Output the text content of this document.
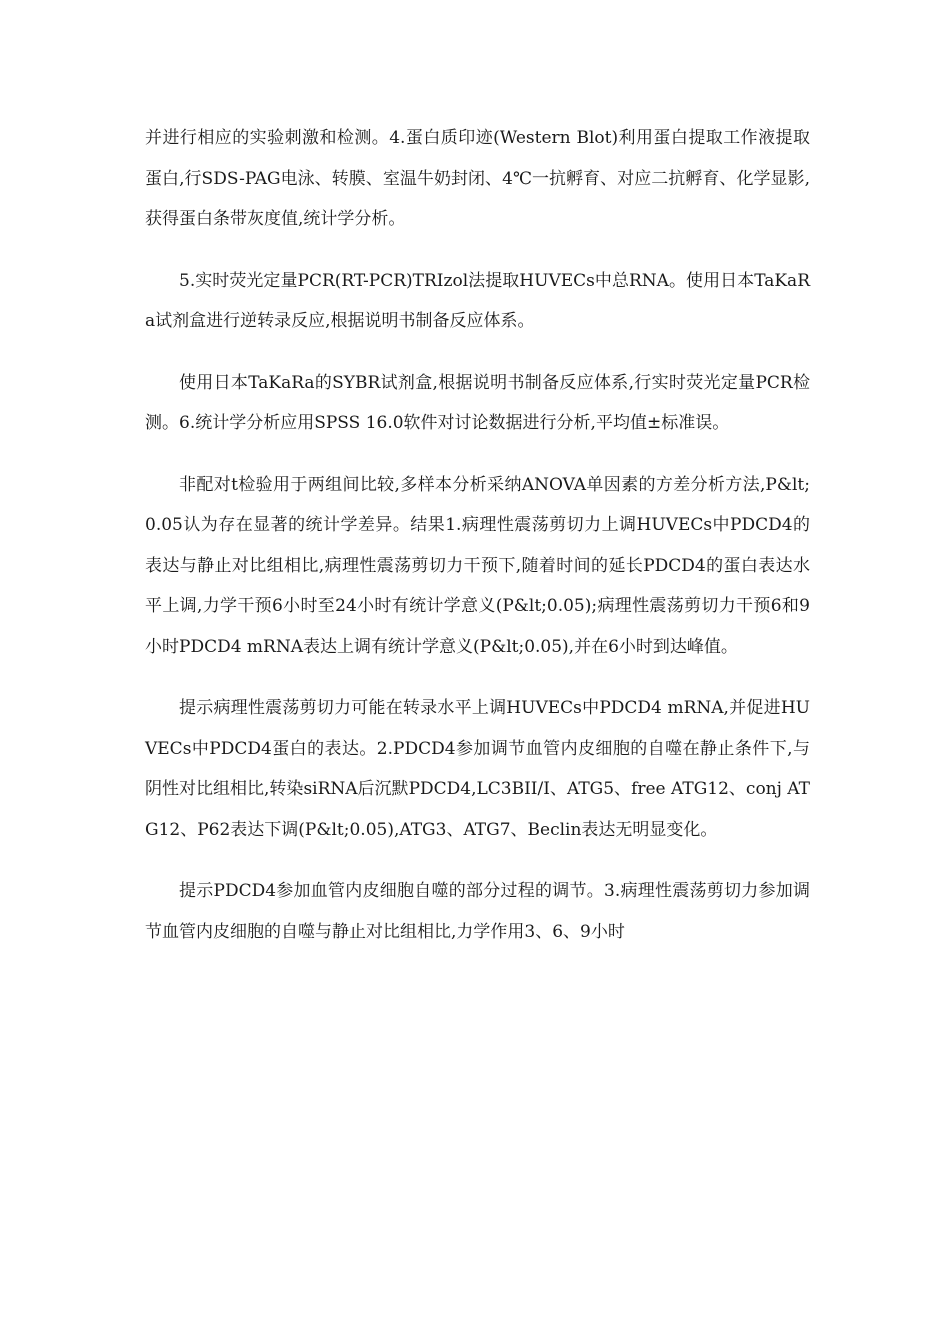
并进行相应的实验刺激和检测。4.蛋白质印迹(Western Blot)利用蛋白提取工作液提取蛋白,行SDS-PAG电泳、转膜、室温牛奶封闭、4℃一抗孵育、对应二抗孵育、化学显影,获得蛋白条带灰度值,统计学分析。

5.实时荧光定量PCR(RT-PCR)TRIzol法提取HUVECs中总RNA。使用日本TaKaRa试剂盒进行逆转录反应,根据说明书制备反应体系。

使用日本TaKaRa的SYBR试剂盒,根据说明书制备反应体系,行实时荧光定量PCR检测。6.统计学分析应用SPSS 16.0软件对讨论数据进行分析,平均值±标准误。

非配对t检验用于两组间比较,多样本分析采纳ANOVA单因素的方差分析方法,P&lt;0.05认为存在显著的统计学差异。结果1.病理性震荡剪切力上调HUVECs中PDCD4的表达与静止对比组相比,病理性震荡剪切力干预下,随着时间的延长PDCD4的蛋白表达水平上调,力学干预6小时至24小时有统计学意义(P&lt;0.05);病理性震荡剪切力干预6和9小时PDCD4 mRNA表达上调有统计学意义(P&lt;0.05),并在6小时到达峰值。

提示病理性震荡剪切力可能在转录水平上调HUVECs中PDCD4 mRNA,并促进HUVECs中PDCD4蛋白的表达。2.PDCD4参加调节血管内皮细胞的自噬在静止条件下,与阴性对比组相比,转染siRNA后沉默PDCD4,LC3BII/I、ATG5、free ATG12、conj ATG12、P62表达下调(P&lt;0.05),ATG3、ATG7、Beclin表达无明显变化。

提示PDCD4参加血管内皮细胞自噬的部分过程的调节。3.病理性震荡剪切力参加调节血管内皮细胞的自噬与静止对比组相比,力学作用3、6、9小时
